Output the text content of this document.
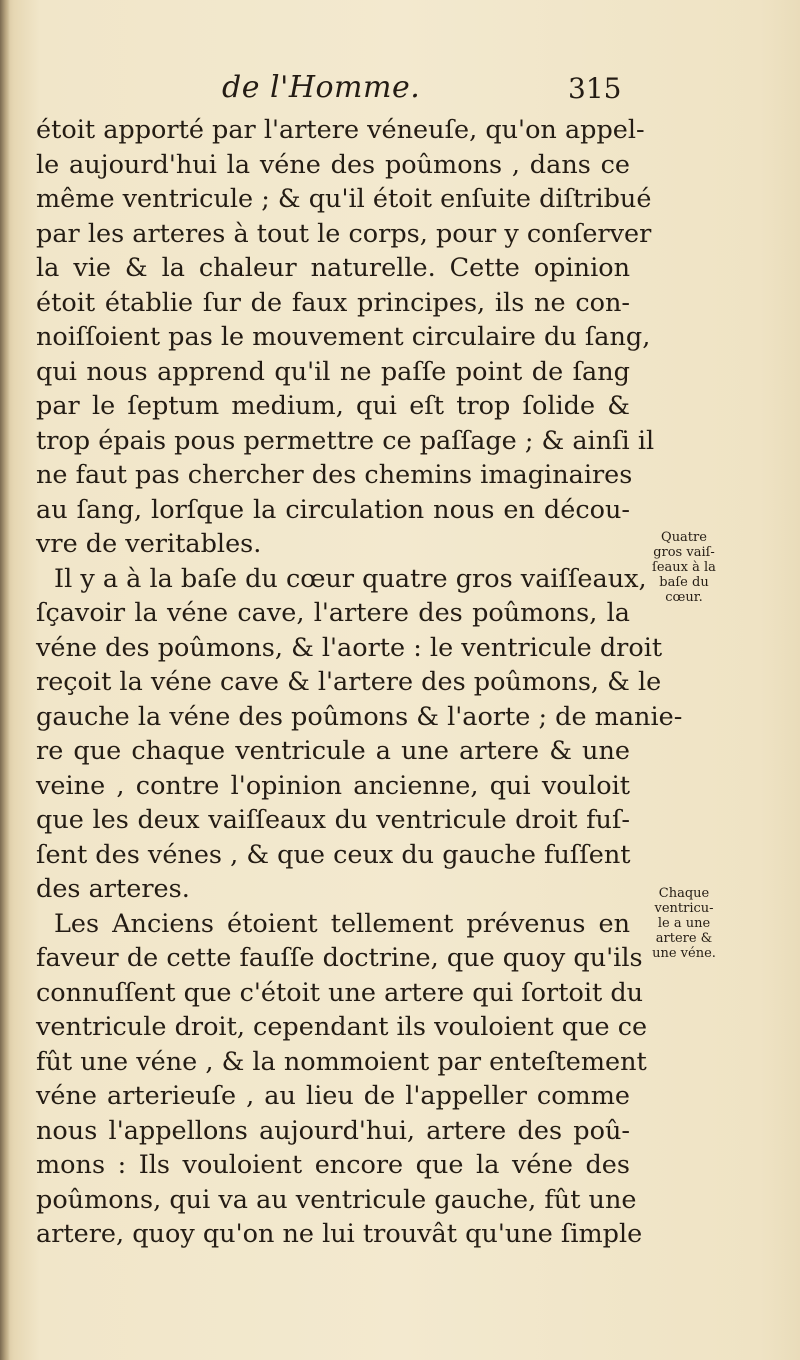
de l'Homme.	315
étoit apporté par l'artere véneuſe, qu'on appel-
le aujourd'hui la véne des poûmons , dans ce
même ventricule ; & qu'il étoit enſuite diſtribué
par les arteres à tout le corps, pour y conſerver
la vie & la chaleur naturelle. Cette opinion
étoit établie ſur de faux principes, ils ne con-
noiſſoient pas le mouvement circulaire du ſang,
qui nous apprend qu'il ne paſſe point de ſang
par le ſeptum medium, qui eſt trop ſolide &
trop épais pous permettre ce paſſage ; & ainſi il
ne faut pas chercher des chemins imaginaires
au ſang, lorſque la circulation nous en décou-
vre de veritables.
Il y a à la baſe du cœur quatre gros vaiſſeaux,
ſçavoir la véne cave, l'artere des poûmons, la
véne des poûmons, & l'aorte : le ventricule droit
reçoit la véne cave & l'artere des poûmons, & le
gauche la véne des poûmons & l'aorte ; de manie-
re que chaque ventricule a une artere & une
veine , contre l'opinion ancienne, qui vouloit
que les deux vaiſſeaux du ventricule droit fuſ-
ſent des vénes , & que ceux du gauche fuſſent
des arteres.
Les Anciens étoient tellement prévenus en
faveur de cette fauſſe doctrine, que quoy qu'ils
connuſſent que c'étoit une artere qui ſortoit du
ventricule droit, cependant ils vouloient que ce
fût une véne , & la nommoient par enteſtement
véne arterieuſe , au lieu de l'appeller comme
nous l'appellons aujourd'hui, artere des poû-
mons : Ils vouloient encore que la véne des
poûmons, qui va au ventricule gauche, fût une
artere, quoy qu'on ne lui trouvât qu'une ſimple
Quatre
gros vaiſ-
ſeaux à la
baſe du
cœur.
Chaque
ventricu-
le a une
artere &
une véne.
